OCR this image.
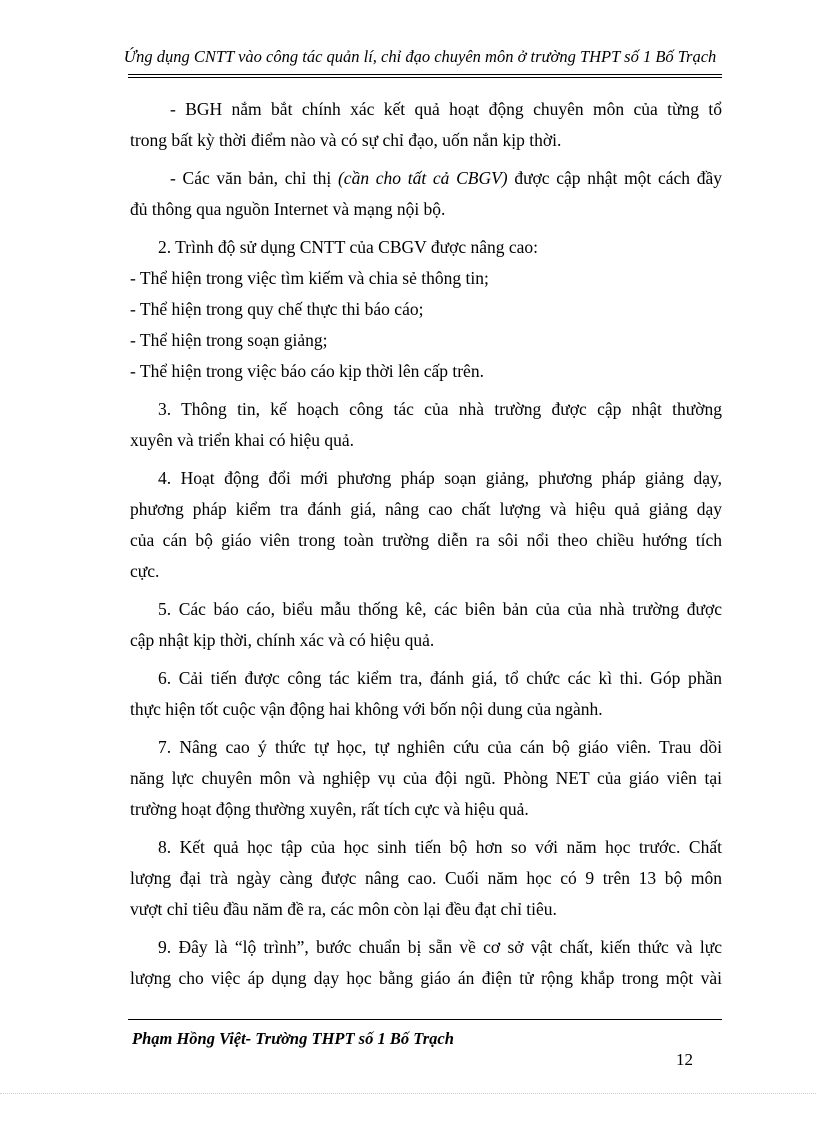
Ứng dụng CNTT vào công tác quản lí, chỉ đạo chuyên môn ở trường THPT số 1 Bố Trạch
- BGH nắm bắt chính xác kết quả hoạt động chuyên môn của từng tổ
trong bất kỳ thời điểm nào và có sự chỉ đạo, uốn nắn kịp thời.
- Các văn bản, chỉ thị (cần cho tất cả CBGV) được cập nhật một cách đầy
đủ thông qua nguồn Internet và mạng nội bộ.
2. Trình độ sử dụng CNTT của CBGV được nâng cao:
- Thể hiện trong việc tìm kiếm và chia sẻ thông tin;
- Thể hiện trong quy chế thực thi báo cáo;
- Thể hiện trong soạn giảng;
- Thể hiện trong việc báo cáo kịp thời lên cấp trên.
3. Thông tin, kế hoạch công tác của nhà trường được cập nhật thường
xuyên và triển khai có hiệu quả.
4. Hoạt động đổi mới phương pháp soạn giảng, phương pháp giảng dạy,
phương pháp kiểm tra đánh giá, nâng cao chất lượng và hiệu quả giảng dạy
của cán bộ giáo viên trong toàn trường diễn ra sôi nổi theo chiều hướng tích
cực.
5. Các báo cáo, biểu mẫu thống kê, các biên bản của của nhà trường được
cập nhật kịp thời, chính xác và có hiệu quả.
6. Cải tiến được công tác kiểm tra, đánh giá, tổ chức các kì thi. Góp phần
thực hiện tốt cuộc vận động hai không với bốn nội dung của ngành.
7. Nâng cao ý thức tự học, tự nghiên cứu của cán bộ giáo viên. Trau dồi
năng lực chuyên môn và nghiệp vụ của đội ngũ. Phòng NET của giáo viên tại
trường hoạt động thường xuyên, rất tích cực và hiệu quả.
8. Kết quả học tập của học sinh tiến bộ hơn so với năm học trước. Chất
lượng đại trà ngày càng được nâng cao. Cuối năm học có 9 trên 13 bộ môn
vượt chỉ tiêu đầu năm đề ra, các môn còn lại đều đạt chỉ tiêu.
9. Đây là “lộ trình”, bước chuẩn bị sẵn về cơ sở vật chất, kiến thức và lực
lượng cho việc áp dụng dạy học bằng giáo án điện tử rộng khắp trong một vài
Phạm Hồng Việt- Trường THPT số 1 Bố Trạch
12
